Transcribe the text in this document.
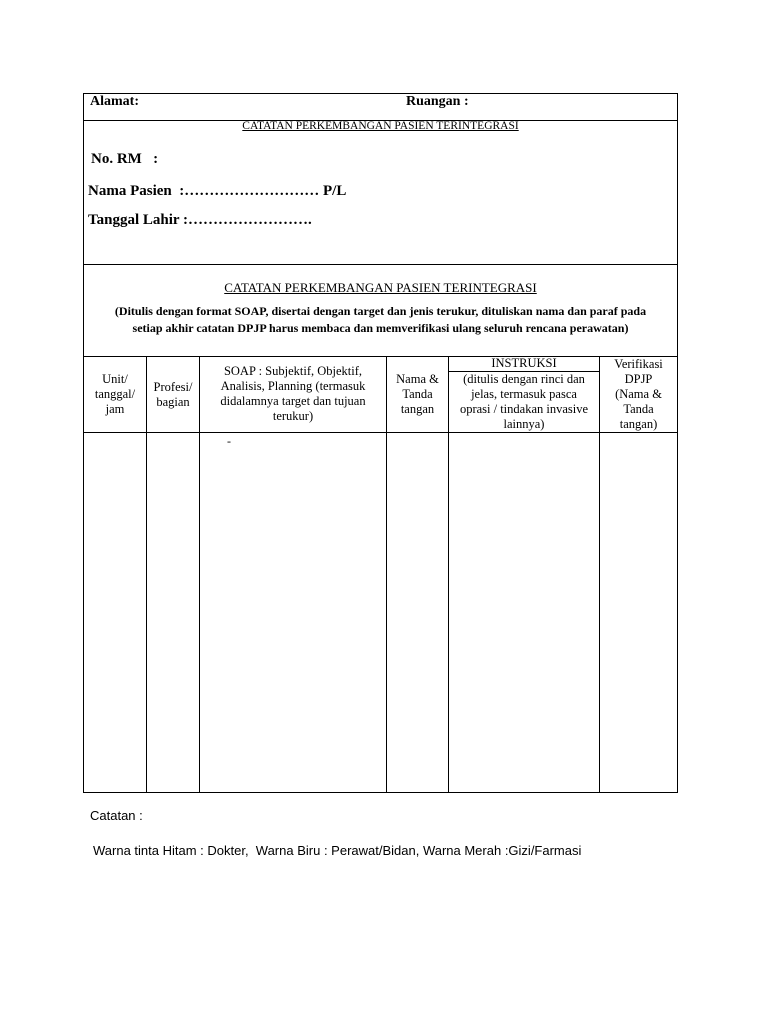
Alamat:	Ruangan :
CATATAN PERKEMBANGAN PASIEN TERINTEGRASI
No. RM   :
Nama Pasien  :……………………… P/L
Tanggal Lahir :…………………….
CATATAN PERKEMBANGAN PASIEN TERINTEGRASI
(Ditulis dengan format SOAP, disertai dengan target dan jenis terukur, dituliskan nama dan paraf pada
setiap akhir catatan DPJP harus membaca dan memverifikasi ulang seluruh rencana perawatan)
Unit/
tanggal/
jam
Profesi/
bagian
SOAP : Subjektif, Objektif,
Analisis, Planning (termasuk
didalamnya target dan tujuan
terukur)
Nama &
Tanda
tangan
INSTRUKSI
(ditulis dengan rinci dan
jelas, termasuk pasca
oprasi / tindakan invasive
lainnya)
Verifikasi
DPJP
(Nama &
Tanda
tangan)
-
Catatan :
Warna tinta Hitam : Dokter,  Warna Biru : Perawat/Bidan, Warna Merah :Gizi/Farmasi
